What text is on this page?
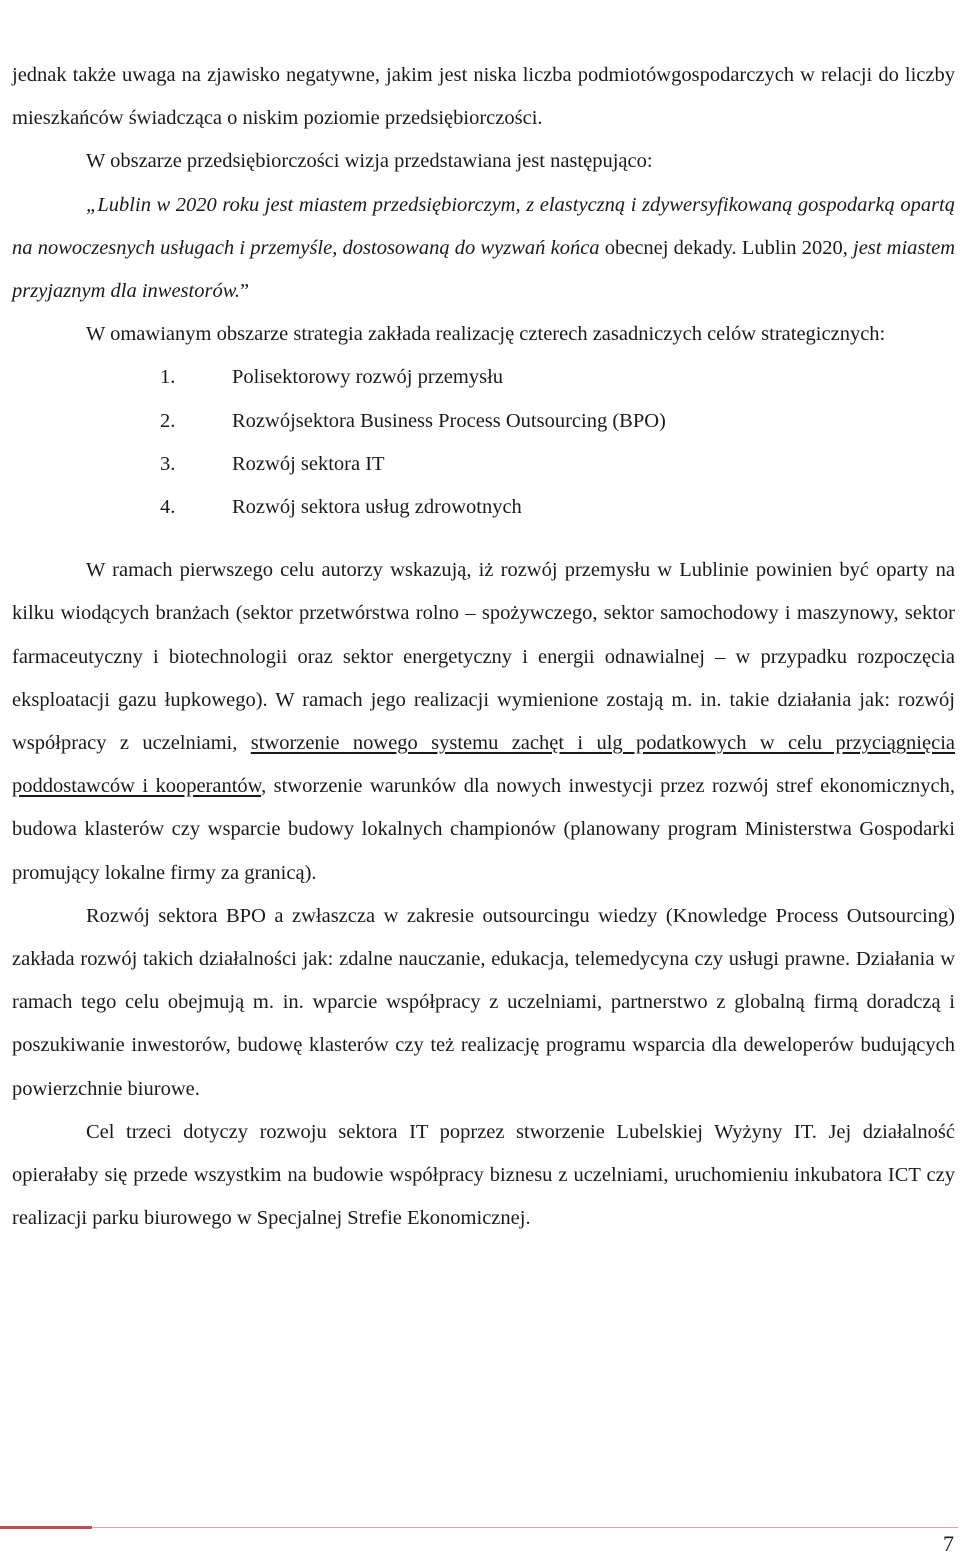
jednak także uwaga na zjawisko negatywne, jakim jest niska liczba podmiotówgospodarczych w relacji do liczby mieszkańców świadcząca o niskim poziomie przedsiębiorczości.

W obszarze przedsiębiorczości wizja przedstawiana jest następująco:

„Lublin w 2020 roku jest miastem przedsiębiorczym, z elastyczną i zdywersyfikowaną gospodarką opartą na nowoczesnych usługach i przemyśle, dostosowaną do wyzwań końca obecnej dekady. Lublin 2020, jest miastem przyjaznym dla inwestorów.”

W omawianym obszarze strategia zakłada realizację czterech zasadniczych celów strategicznych:

1.	Polisektorowy rozwój przemysłu
2.	Rozwójsektora Business Process Outsourcing (BPO)
3.	Rozwój sektora IT
4.	Rozwój sektora usług zdrowotnych

W ramach pierwszego celu autorzy wskazują, iż rozwój przemysłu w Lublinie powinien być oparty na kilku wiodących branżach (sektor przetwórstwa rolno – spożywczego, sektor samochodowy i maszynowy, sektor farmaceutyczny i biotechnologii oraz sektor energetyczny i energii odnawialnej – w przypadku rozpoczęcia eksploatacji gazu łupkowego). W ramach jego realizacji wymienione zostają m. in. takie działania jak: rozwój współpracy z uczelniami, stworzenie nowego systemu zachęt i ulg podatkowych w celu przyciągnięcia poddostawców i kooperantów, stworzenie warunków dla nowych inwestycji przez rozwój stref ekonomicznych, budowa klasterów czy wsparcie budowy lokalnych championów (planowany program Ministerstwa Gospodarki promujący lokalne firmy za granicą).

Rozwój sektora BPO a zwłaszcza w zakresie outsourcingu wiedzy (Knowledge Process Outsourcing) zakłada rozwój takich działalności jak: zdalne nauczanie, edukacja, telemedycyna czy usługi prawne. Działania w ramach tego celu obejmują m. in. wparcie współpracy z uczelniami, partnerstwo z globalną firmą doradczą i poszukiwanie inwestorów, budowę klasterów czy też realizację programu wsparcia dla deweloperów budujących powierzchnie biurowe.

Cel trzeci dotyczy rozwoju sektora IT poprzez stworzenie Lubelskiej Wyżyny IT. Jej działalność opierałaby się przede wszystkim na budowie współpracy biznesu z uczelniami, uruchomieniu inkubatora ICT czy realizacji parku biurowego w Specjalnej Strefie Ekonomicznej.

7
